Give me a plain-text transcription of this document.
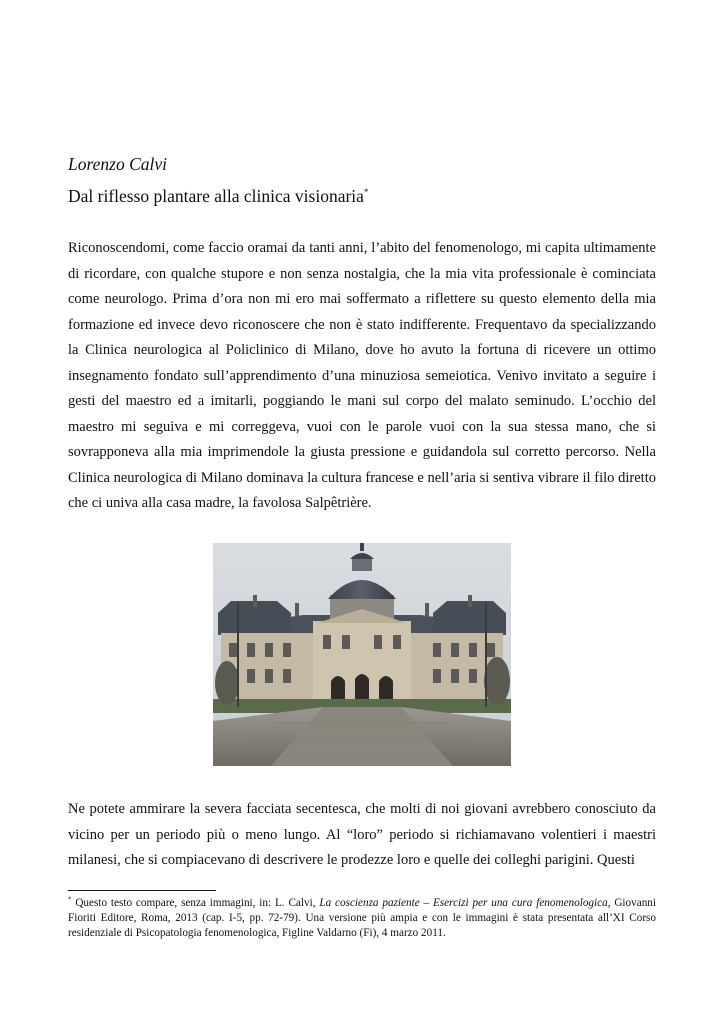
Lorenzo Calvi

Dal riflesso plantare alla clinica visionaria*

Riconoscendomi, come faccio oramai da tanti anni, l’abito del fenomenologo, mi capita ultimamente di ricordare, con qualche stupore e non senza nostalgia, che la mia vita professionale è cominciata come neurologo. Prima d’ora non mi ero mai soffermato a riflettere su questo elemento della mia formazione ed invece devo riconoscere che non è stato indifferente. Frequentavo da specializzando la Clinica neurologica al Policlinico di Milano, dove ho avuto la fortuna di ricevere un ottimo insegnamento fondato sull’apprendimento d’una minuziosa semeiotica. Venivo invitato a seguire i gesti del maestro ed a imitarli, poggiando le mani sul corpo del malato seminudo. L’occhio del maestro mi seguiva e mi correggeva, vuoi con le parole vuoi con la sua stessa mano, che si sovrapponeva alla mia imprimendole la giusta pressione e guidandola sul corretto percorso. Nella Clinica neurologica di Milano dominava la cultura francese e nell’aria si sentiva vibrare il filo diretto che ci univa alla casa madre, la favolosa Salpêtrière.

Ne potete ammirare la severa facciata secentesca, che molti di noi giovani avrebbero conosciuto da vicino per un periodo più o meno lungo. Al “loro” periodo si richiamavano volentieri i maestri milanesi, che si compiacevano di descrivere le prodezze loro e quelle dei colleghi parigini. Questi

* Questo testo compare, senza immagini, in: L. Calvi, La coscienza paziente – Esercizi per una cura fenomenologica, Giovanni Fioriti Editore, Roma, 2013 (cap. I-5, pp. 72-79). Una versione più ampia e con le immagini è stata presentata all’XI Corso residenziale di Psicopatologia fenomenologica, Figline Valdarno (Fi), 4 marzo 2011.
